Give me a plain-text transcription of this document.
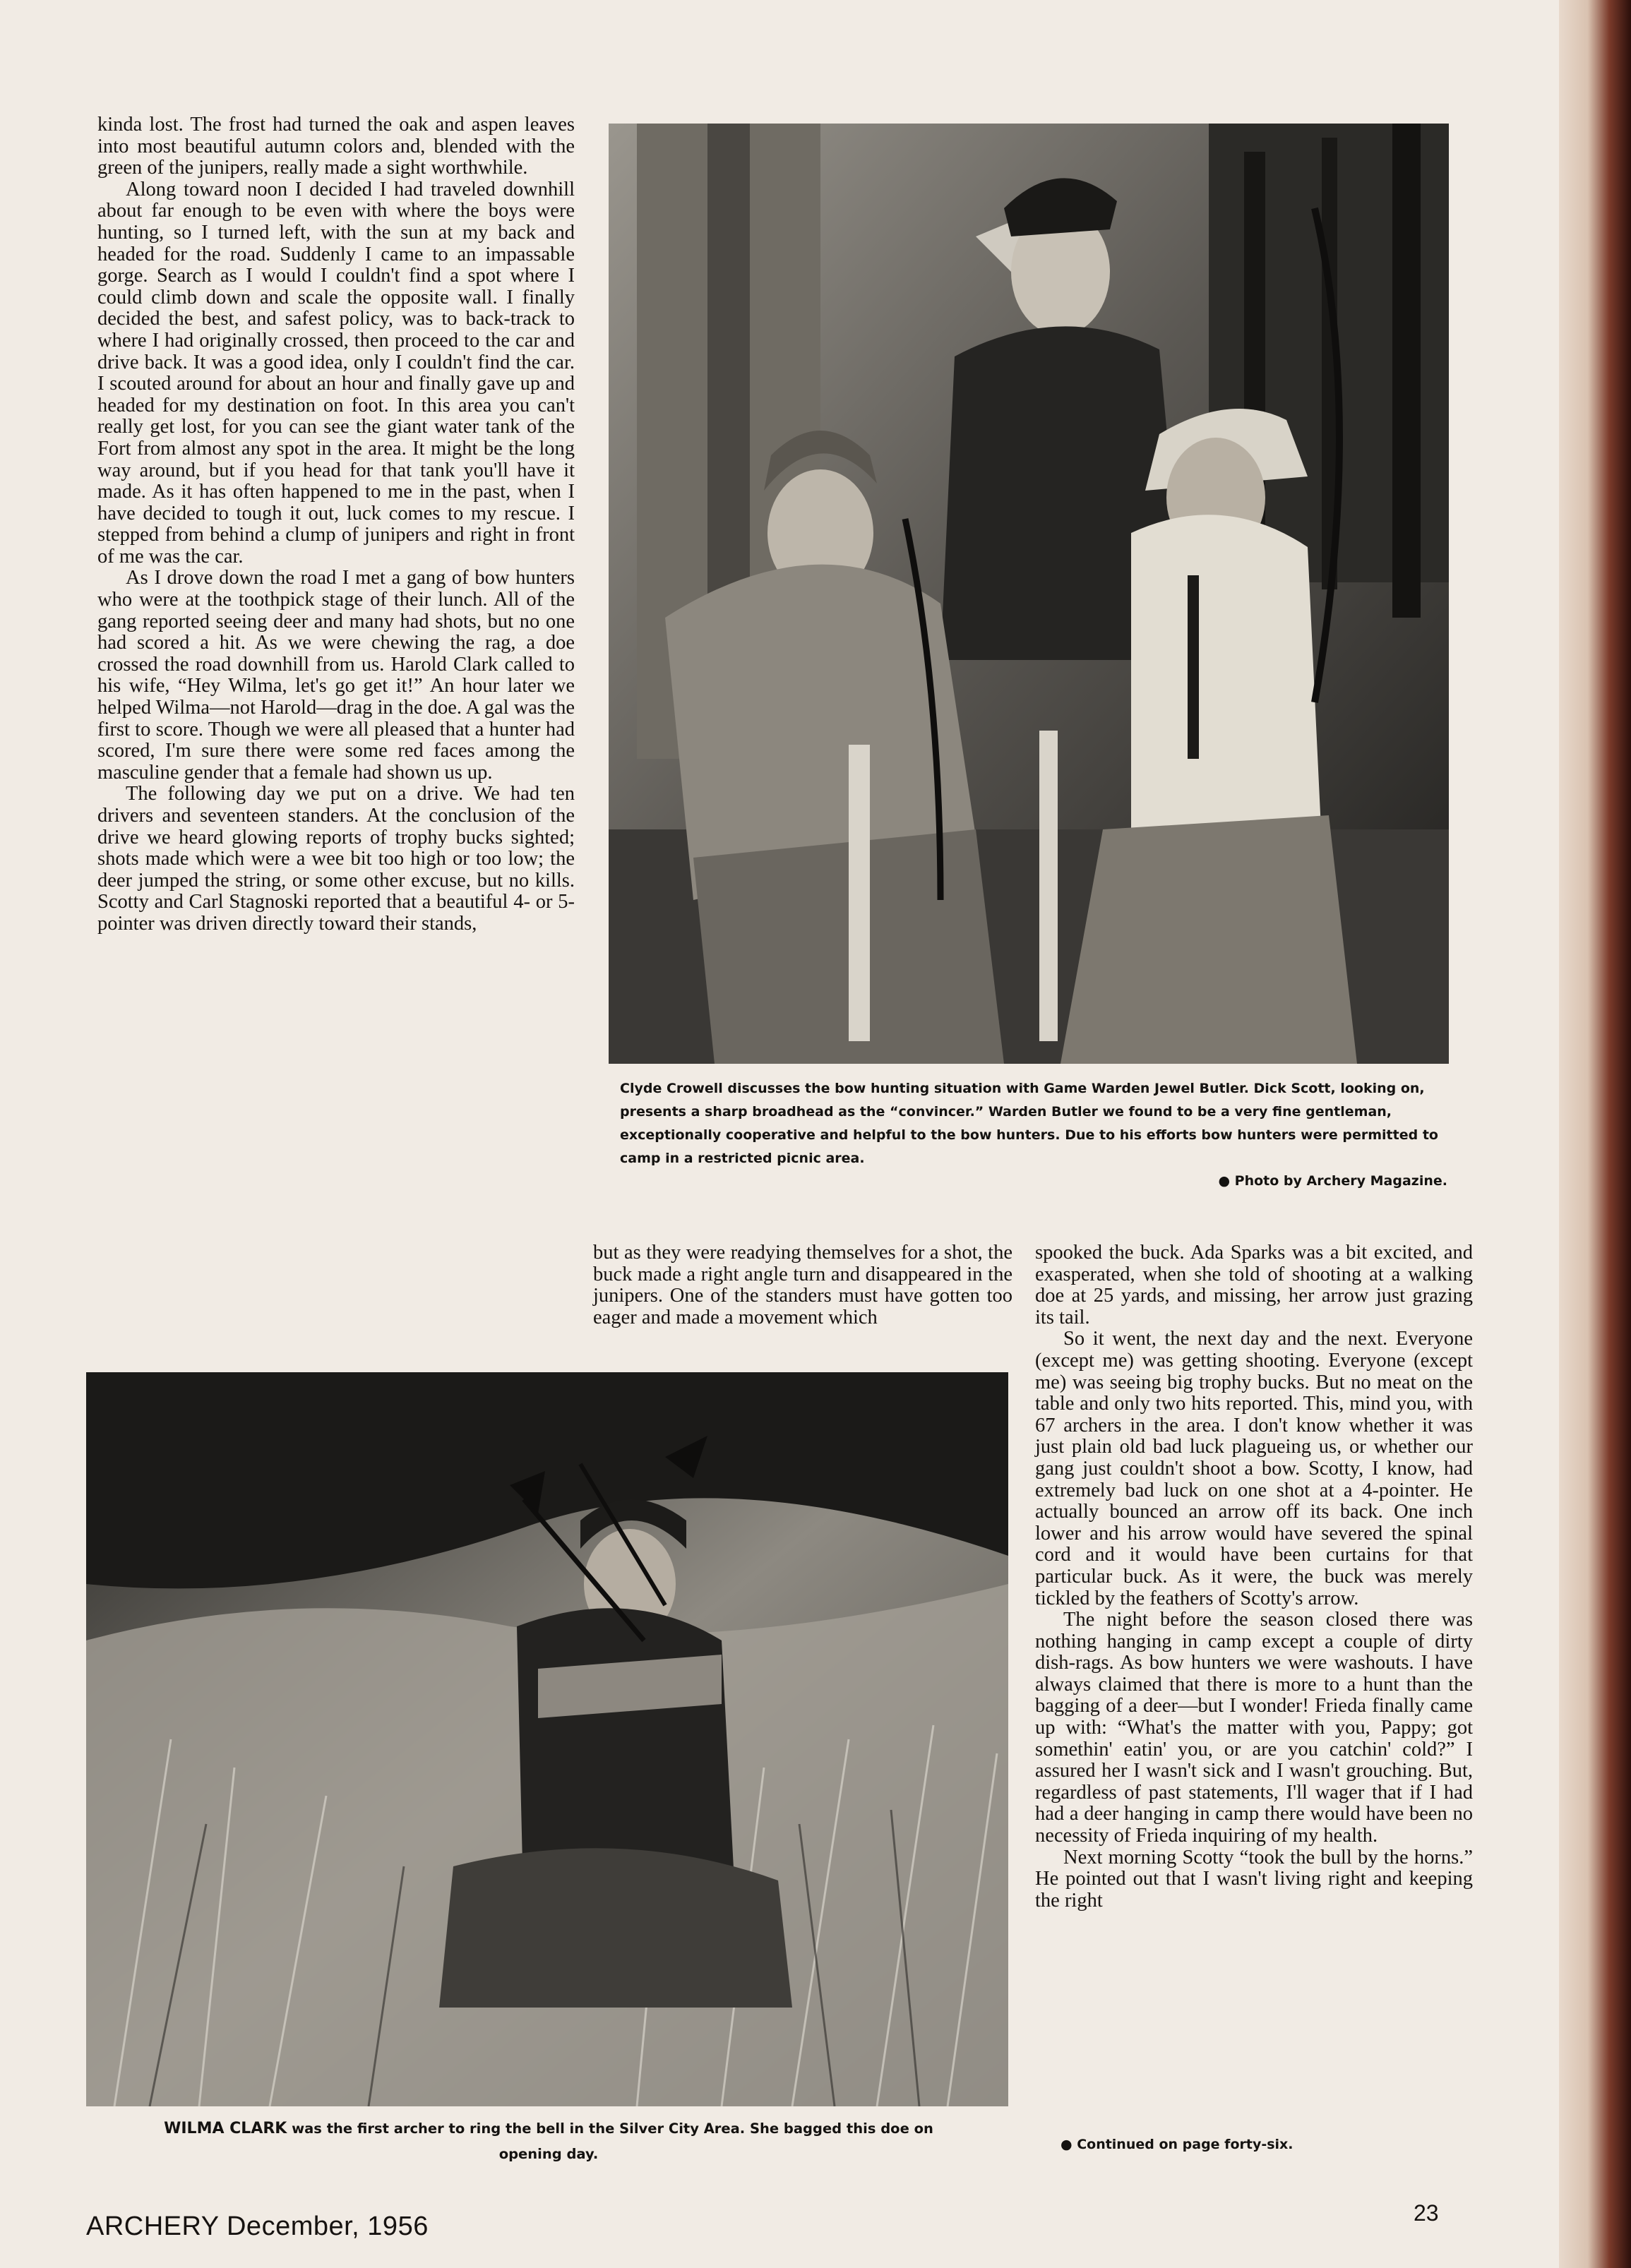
kinda lost. The frost had turned the oak and aspen leaves into most beautiful autumn colors and, blended with the green of the junipers, really made a sight worthwhile.

Along toward noon I decided I had traveled downhill about far enough to be even with where the boys were hunting, so I turned left, with the sun at my back and headed for the road. Suddenly I came to an impassable gorge. Search as I would I couldn't find a spot where I could climb down and scale the opposite wall. I finally decided the best, and safest policy, was to back-track to where I had originally crossed, then proceed to the car and drive back. It was a good idea, only I couldn't find the car. I scouted around for about an hour and finally gave up and headed for my destination on foot. In this area you can't really get lost, for you can see the giant water tank of the Fort from almost any spot in the area. It might be the long way around, but if you head for that tank you'll have it made. As it has often happened to me in the past, when I have decided to tough it out, luck comes to my rescue. I stepped from behind a clump of junipers and right in front of me was the car.

As I drove down the road I met a gang of bow hunters who were at the toothpick stage of their lunch. All of the gang reported seeing deer and many had shots, but no one had scored a hit. As we were chewing the rag, a doe crossed the road downhill from us. Harold Clark called to his wife, “Hey Wilma, let's go get it!” An hour later we helped Wilma—not Harold—drag in the doe. A gal was the first to score. Though we were all pleased that a hunter had scored, I'm sure there were some red faces among the masculine gender that a female had shown us up.

The following day we put on a drive. We had ten drivers and seventeen standers. At the conclusion of the drive we heard glowing reports of trophy bucks sighted; shots made which were a wee bit too high or too low; the deer jumped the string, or some other excuse, but no kills. Scotty and Carl Stagnoski reported that a beautiful 4- or 5-pointer was driven directly toward their stands,

Clyde Crowell discusses the bow hunting situation with Game Warden Jewel Butler. Dick Scott, looking on, presents a sharp broadhead as the “convincer.” Warden Butler we found to be a very fine gentleman, exceptionally cooperative and helpful to the bow hunters. Due to his efforts bow hunters were permitted to camp in a restricted picnic area.
● Photo by Archery Magazine.

but as they were readying themselves for a shot, the buck made a right angle turn and disappeared in the junipers. One of the standers must have gotten too eager and made a movement which

spooked the buck. Ada Sparks was a bit excited, and exasperated, when she told of shooting at a walking doe at 25 yards, and missing, her arrow just grazing its tail.

So it went, the next day and the next. Everyone (except me) was getting shooting. Everyone (except me) was seeing big trophy bucks. But no meat on the table and only two hits reported. This, mind you, with 67 archers in the area. I don't know whether it was just plain old bad luck plagueing us, or whether our gang just couldn't shoot a bow. Scotty, I know, had extremely bad luck on one shot at a 4-pointer. He actually bounced an arrow off its back. One inch lower and his arrow would have severed the spinal cord and it would have been curtains for that particular buck. As it were, the buck was merely tickled by the feathers of Scotty's arrow.

The night before the season closed there was nothing hanging in camp except a couple of dirty dish-rags. As bow hunters we were washouts. I have always claimed that there is more to a hunt than the bagging of a deer—but I wonder! Frieda finally came up with: “What's the matter with you, Pappy; got somethin' eatin' you, or are you catchin' cold?” I assured her I wasn't sick and I wasn't grouching. But, regardless of past statements, I'll wager that if I had had a deer hanging in camp there would have been no necessity of Frieda inquiring of my health.

Next morning Scotty “took the bull by the horns.” He pointed out that I wasn't living right and keeping the right

WILMA CLARK was the first archer to ring the bell in the Silver City Area. She bagged this doe on opening day.
● Continued on page forty-six.
ARCHERY December, 1956	23
